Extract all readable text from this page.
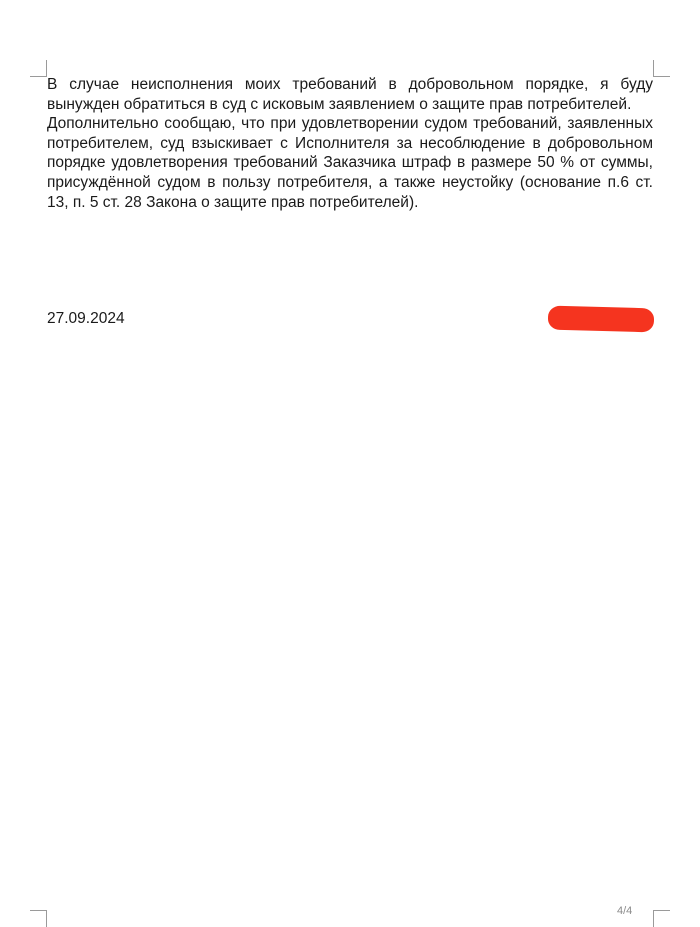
В случае неисполнения моих требований в добровольном порядке, я буду вынужден обратиться в суд с исковым заявлением о защите прав потребителей.

Дополнительно сообщаю, что при удовлетворении судом требований, заявленных потребителем, суд взыскивает с Исполнителя за несоблюдение в добровольном порядке удовлетворения требований Заказчика штраф в размере 50 % от суммы, присуждённой судом в пользу потребителя, а также неустойку (основание п.6 ст. 13, п. 5 ст. 28 Закона о защите прав потребителей).

27.09.2024
4/4
